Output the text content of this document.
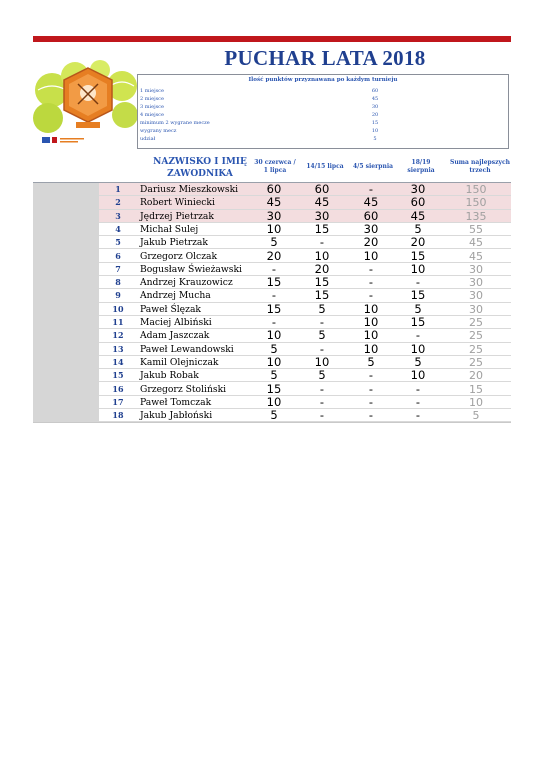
PUCHAR LATA 2018
Ilość punktów przyznawana po każdym turnieju
1 miejsce	60
2 miejsce	45
3 miejsce	30
4 miejsce	20
minimum 2 wygrane mecze	15
wygrany mecz	10
udział	5
NAZWISKO I IMIĘ
ZAWODNIKA
30 czerwca /
1 lipca
14/15 lipca	4/5 sierpnia
18/19
sierpnia
Suma najlepszych
trzech
1	Dariusz Mieszkowski	60	60	-	30	150
2	Robert Winiecki	45	45	45	60	150
3	Jędrzej Pietrzak	30	30	60	45	135
4	Michał Sulej	10	15	30	5	55
5	Jakub Pietrzak	5	-	20	20	45
6	Grzegorz Olczak	20	10	10	15	45
7	Bogusław Świeżawski	-	20	-	10	30
8	Andrzej Krauzowicz	15	15	-	-	30
9	Andrzej Mucha	-	15	-	15	30
10	Paweł Ślęzak	15	5	10	5	30
11	Maciej Albiński	-	-	10	15	25
12	Adam Jaszczak	10	5	10	-	25
13	Paweł Lewandowski	5	-	10	10	25
14	Kamil Olejniczak	10	10	5	5	25
15	Jakub Robak	5	5	-	10	20
16	Grzegorz Stoliński	15	-	-	-	15
17	Paweł Tomczak	10	-	-	-	10
18	Jakub Jabłoński	5	-	-	-	5
